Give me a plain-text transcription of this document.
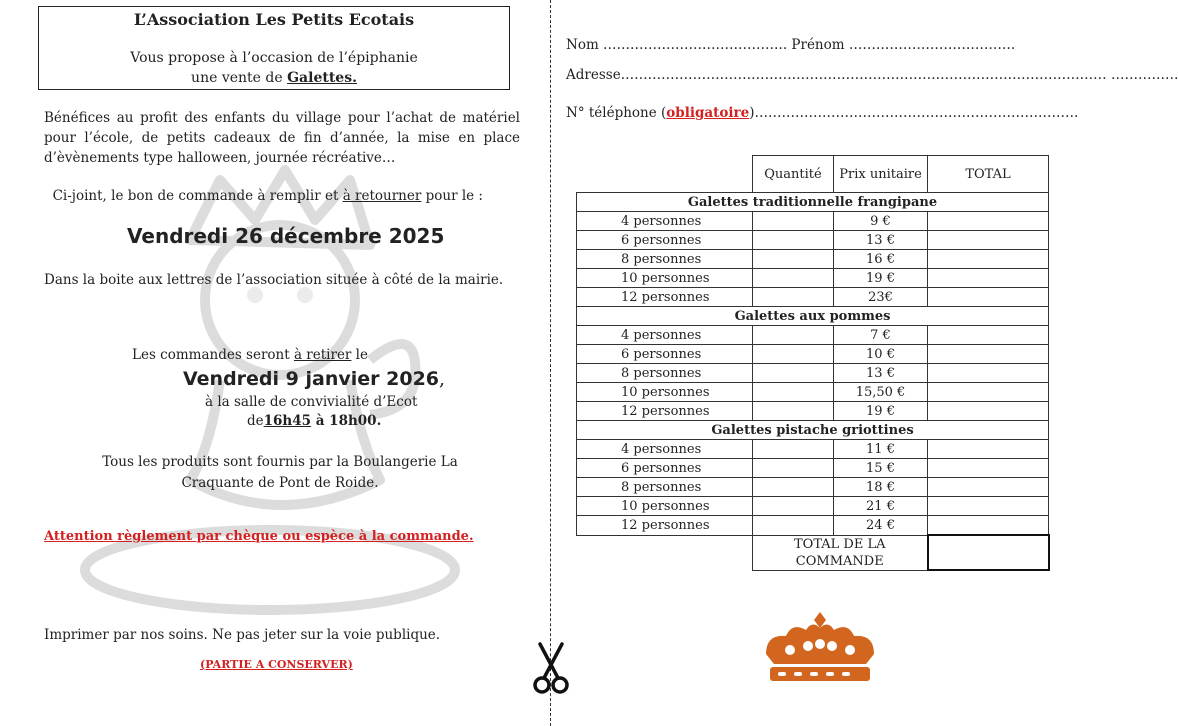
L’Association Les Petits Ecotais
Vous propose à l’occasion de l’épiphanie
une vente de Galettes.
Bénéfices au profit des enfants du village pour l’achat de matériel pour l’école, de petits cadeaux de fin d’année, la mise en place d’èvènements type halloween, journée récréative…
Ci-joint, le bon de commande à remplir et à retourner pour le :
Vendredi 26 décembre 2025
Dans la boite aux lettres de l’association située à côté de la mairie.
Les commandes seront à retirer le
Vendredi 9 janvier 2026,
à la salle de convivialité d’Ecot
de16h45 à 18h00.
Tous les produits sont fournis par la Boulangerie La Craquante de Pont de Roide.
Attention règlement par chèque ou espèce à la commande.
Imprimer par nos soins. Ne pas jeter sur la voie publique.
(PARTIE A CONSERVER)
Nom ………………………………….. Prénom ……………………………….
Adresse……………………………………………………………………………………………… ……………
N° téléphone (obligatoire)………………………………………………………………
	Quantité	Prix unitaire	TOTAL
Galettes traditionnelle frangipane			
4 personnes		9 €	
6 personnes		13 €	
8 personnes		16 €	
10 personnes		19 €	
12 personnes		23€	
Galettes aux pommes			
4 personnes		7 €	
6 personnes		10 €	
8 personnes		13 €	
10 personnes		15,50 €	
12 personnes		19 €	
Galettes pistache griottines			
4 personnes		11 €	
6 personnes		15 €	
8 personnes		18 €	
10 personnes		21 €	
12 personnes		24 €	
	TOTAL DE LA COMMANDE		
